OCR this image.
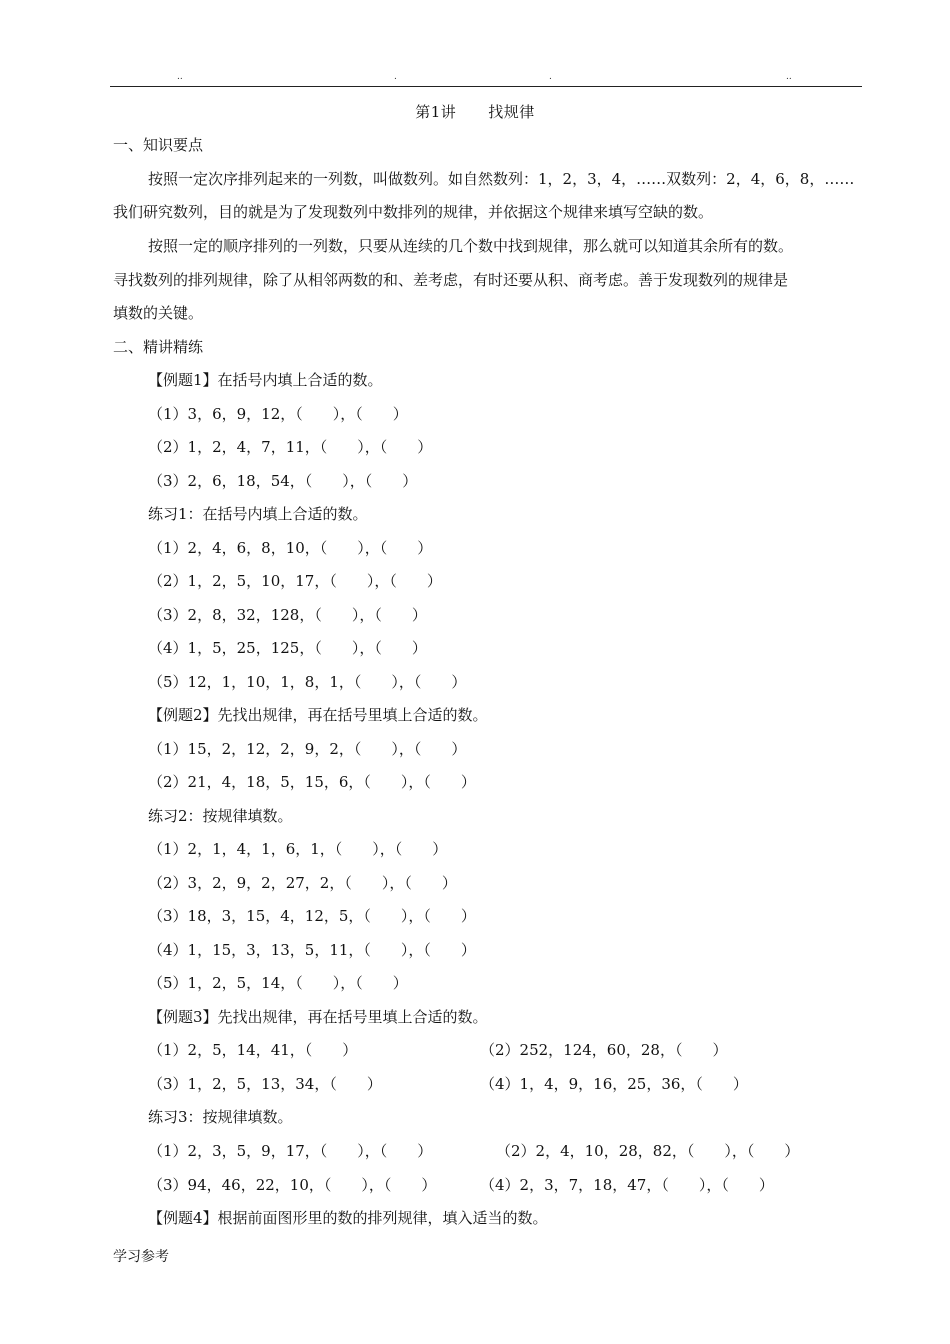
..	.	.	..
第1讲 找规律
一、知识要点
按照一定次序排列起来的一列数，叫做数列。如自然数列：1，2，3，4，……双数列：2，4，6，8，……
我们研究数列，目的就是为了发现数列中数排列的规律，并依据这个规律来填写空缺的数。
按照一定的顺序排列的一列数，只要从连续的几个数中找到规律，那么就可以知道其余所有的数。
寻找数列的排列规律，除了从相邻两数的和、差考虑，有时还要从积、商考虑。善于发现数列的规律是
填数的关键。
二、精讲精练
【例题1】在括号内填上合适的数。
（1）3，6，9，12，（　　），（　　）
（2）1，2，4，7，11，（　　），（　　）
（3）2，6，18，54，（　　），（　　）
练习1：在括号内填上合适的数。
（1）2，4，6，8，10，（　　），（　　）
（2）1，2，5，10，17，（　　），（　　）
（3）2，8，32，128，（　　），（　　）
（4）1，5，25，125，（　　），（　　）
（5）12，1，10，1，8，1，（　　），（　　）
【例题2】先找出规律，再在括号里填上合适的数。
（1）15，2，12，2，9，2，（　　），（　　）
（2）21，4，18，5，15，6，（　　），（　　）
练习2：按规律填数。
（1）2，1，4，1，6，1，（　　），（　　）
（2）3，2，9，2，27，2，（　　），（　　）
（3）18，3，15，4，12，5，（　　），（　　）
（4）1，15，3，13，5，11，（　　），（　　）
（5）1，2，5，14，（　　），（　　）
【例题3】先找出规律，再在括号里填上合适的数。
（1）2，5，14，41，（　　）	（2）252，124，60，28，（　　）
（3）1，2，5，13，34，（　　）	（4）1，4，9，16，25，36，（　　）
练习3：按规律填数。
（1）2，3，5，9，17，（　　），（　　）	（2）2，4，10，28，82，（　　），（　　）
（3）94，46，22，10，（　　），（　　）	（4）2，3，7，18，47，（　　），（　　）
【例题4】根据前面图形里的数的排列规律，填入适当的数。
学习参考
